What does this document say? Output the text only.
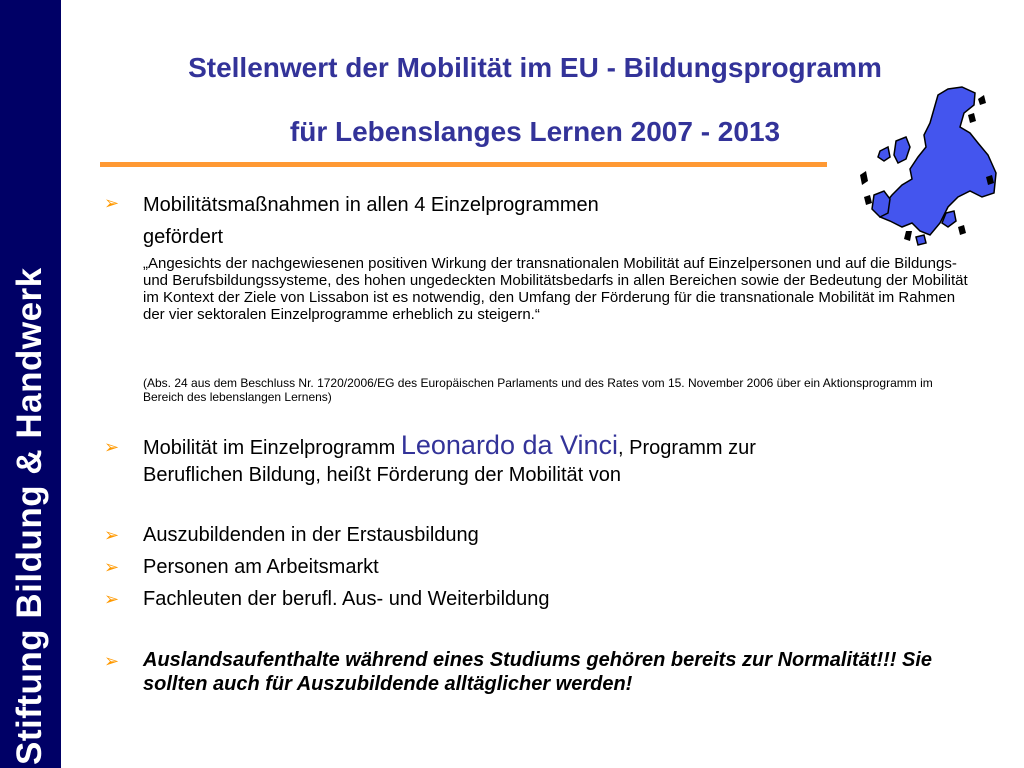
Stiftung Bildung & Handwerk
Stellenwert der Mobilität im EU - Bildungsprogramm
für Lebenslanges Lernen 2007 - 2013
➢ Mobilitätsmaßnahmen in allen 4 Einzelprogrammen
gefördert
„Angesichts der nachgewiesenen positiven Wirkung der transnationalen Mobilität auf Einzelpersonen und auf die Bildungs- und Berufsbildungssysteme, des hohen ungedeckten Mobilitätsbedarfs in allen Bereichen sowie der Bedeutung der Mobilität im Kontext der Ziele von Lissabon ist es notwendig, den Umfang der Förderung für die transnationale Mobilität im Rahmen der vier sektoralen Einzelprogramme erheblich zu steigern.“
(Abs. 24 aus dem Beschluss Nr. 1720/2006/EG des Europäischen Parlaments und des Rates vom 15. November 2006 über ein Aktionsprogramm im Bereich des lebenslangen Lernens)
➢ Mobilität im Einzelprogramm Leonardo da Vinci, Programm zur
Beruflichen Bildung, heißt Förderung der Mobilität von
➢ Auszubildenden in der Erstausbildung
➢ Personen am Arbeitsmarkt
➢ Fachleuten der berufl. Aus- und Weiterbildung
➢ Auslandsaufenthalte während eines Studiums gehören bereits zur Normalität!!! Sie sollten auch für Auszubildende alltäglicher werden!
